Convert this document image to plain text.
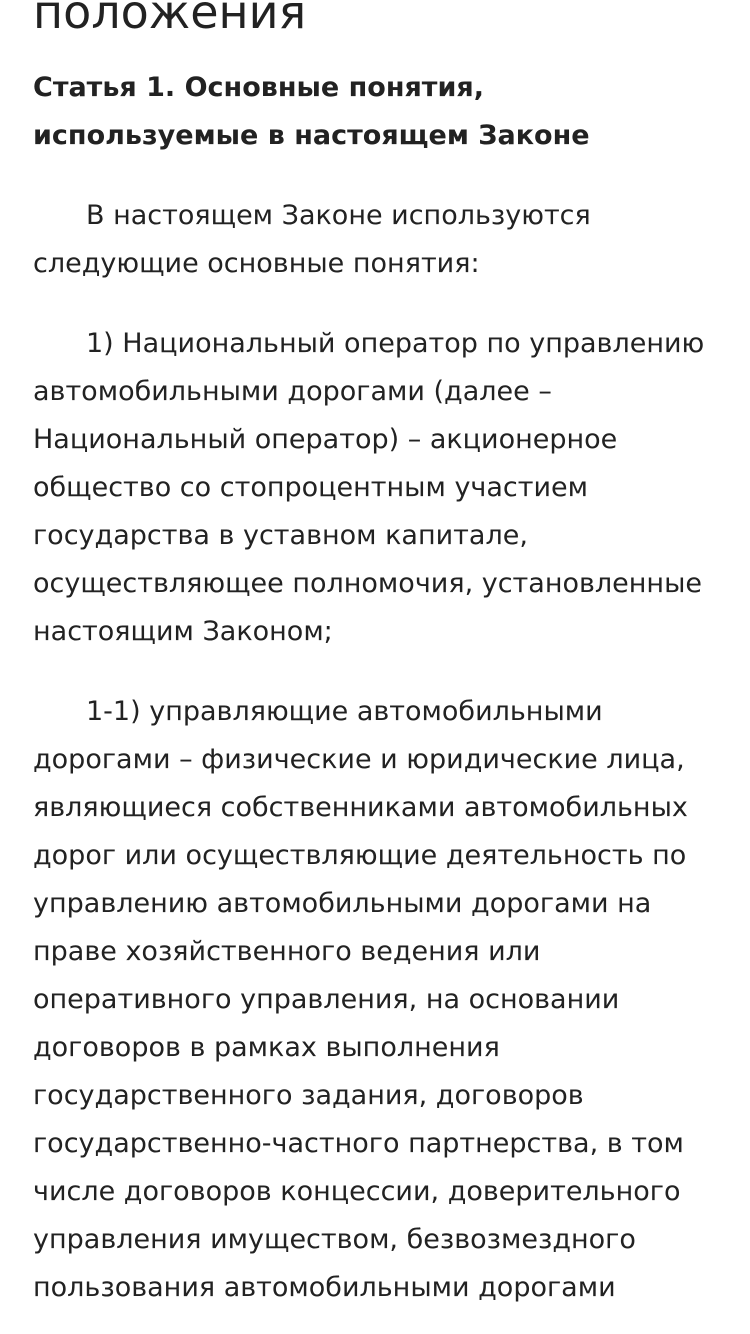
положения
Статья 1. Основные понятия,
используемые в настоящем Законе

В настоящем Законе используются следующие основные понятия:

1) Национальный оператор по управлению автомобильными дорогами (далее – Национальный оператор) – акционерное общество со стопроцентным участием государства в уставном капитале, осуществляющее полномочия, установленные настоящим Законом;

1-1) управляющие автомобильными дорогами – физические и юридические лица, являющиеся собственниками автомобильных дорог или осуществляющие деятельность по управлению автомобильными дорогами на праве хозяйственного ведения или оперативного управления, на основании договоров в рамках выполнения государственного задания, договоров государственно-частного партнерства, в том числе договоров концессии, доверительного управления имуществом, безвозмездного пользования автомобильными дорогами
